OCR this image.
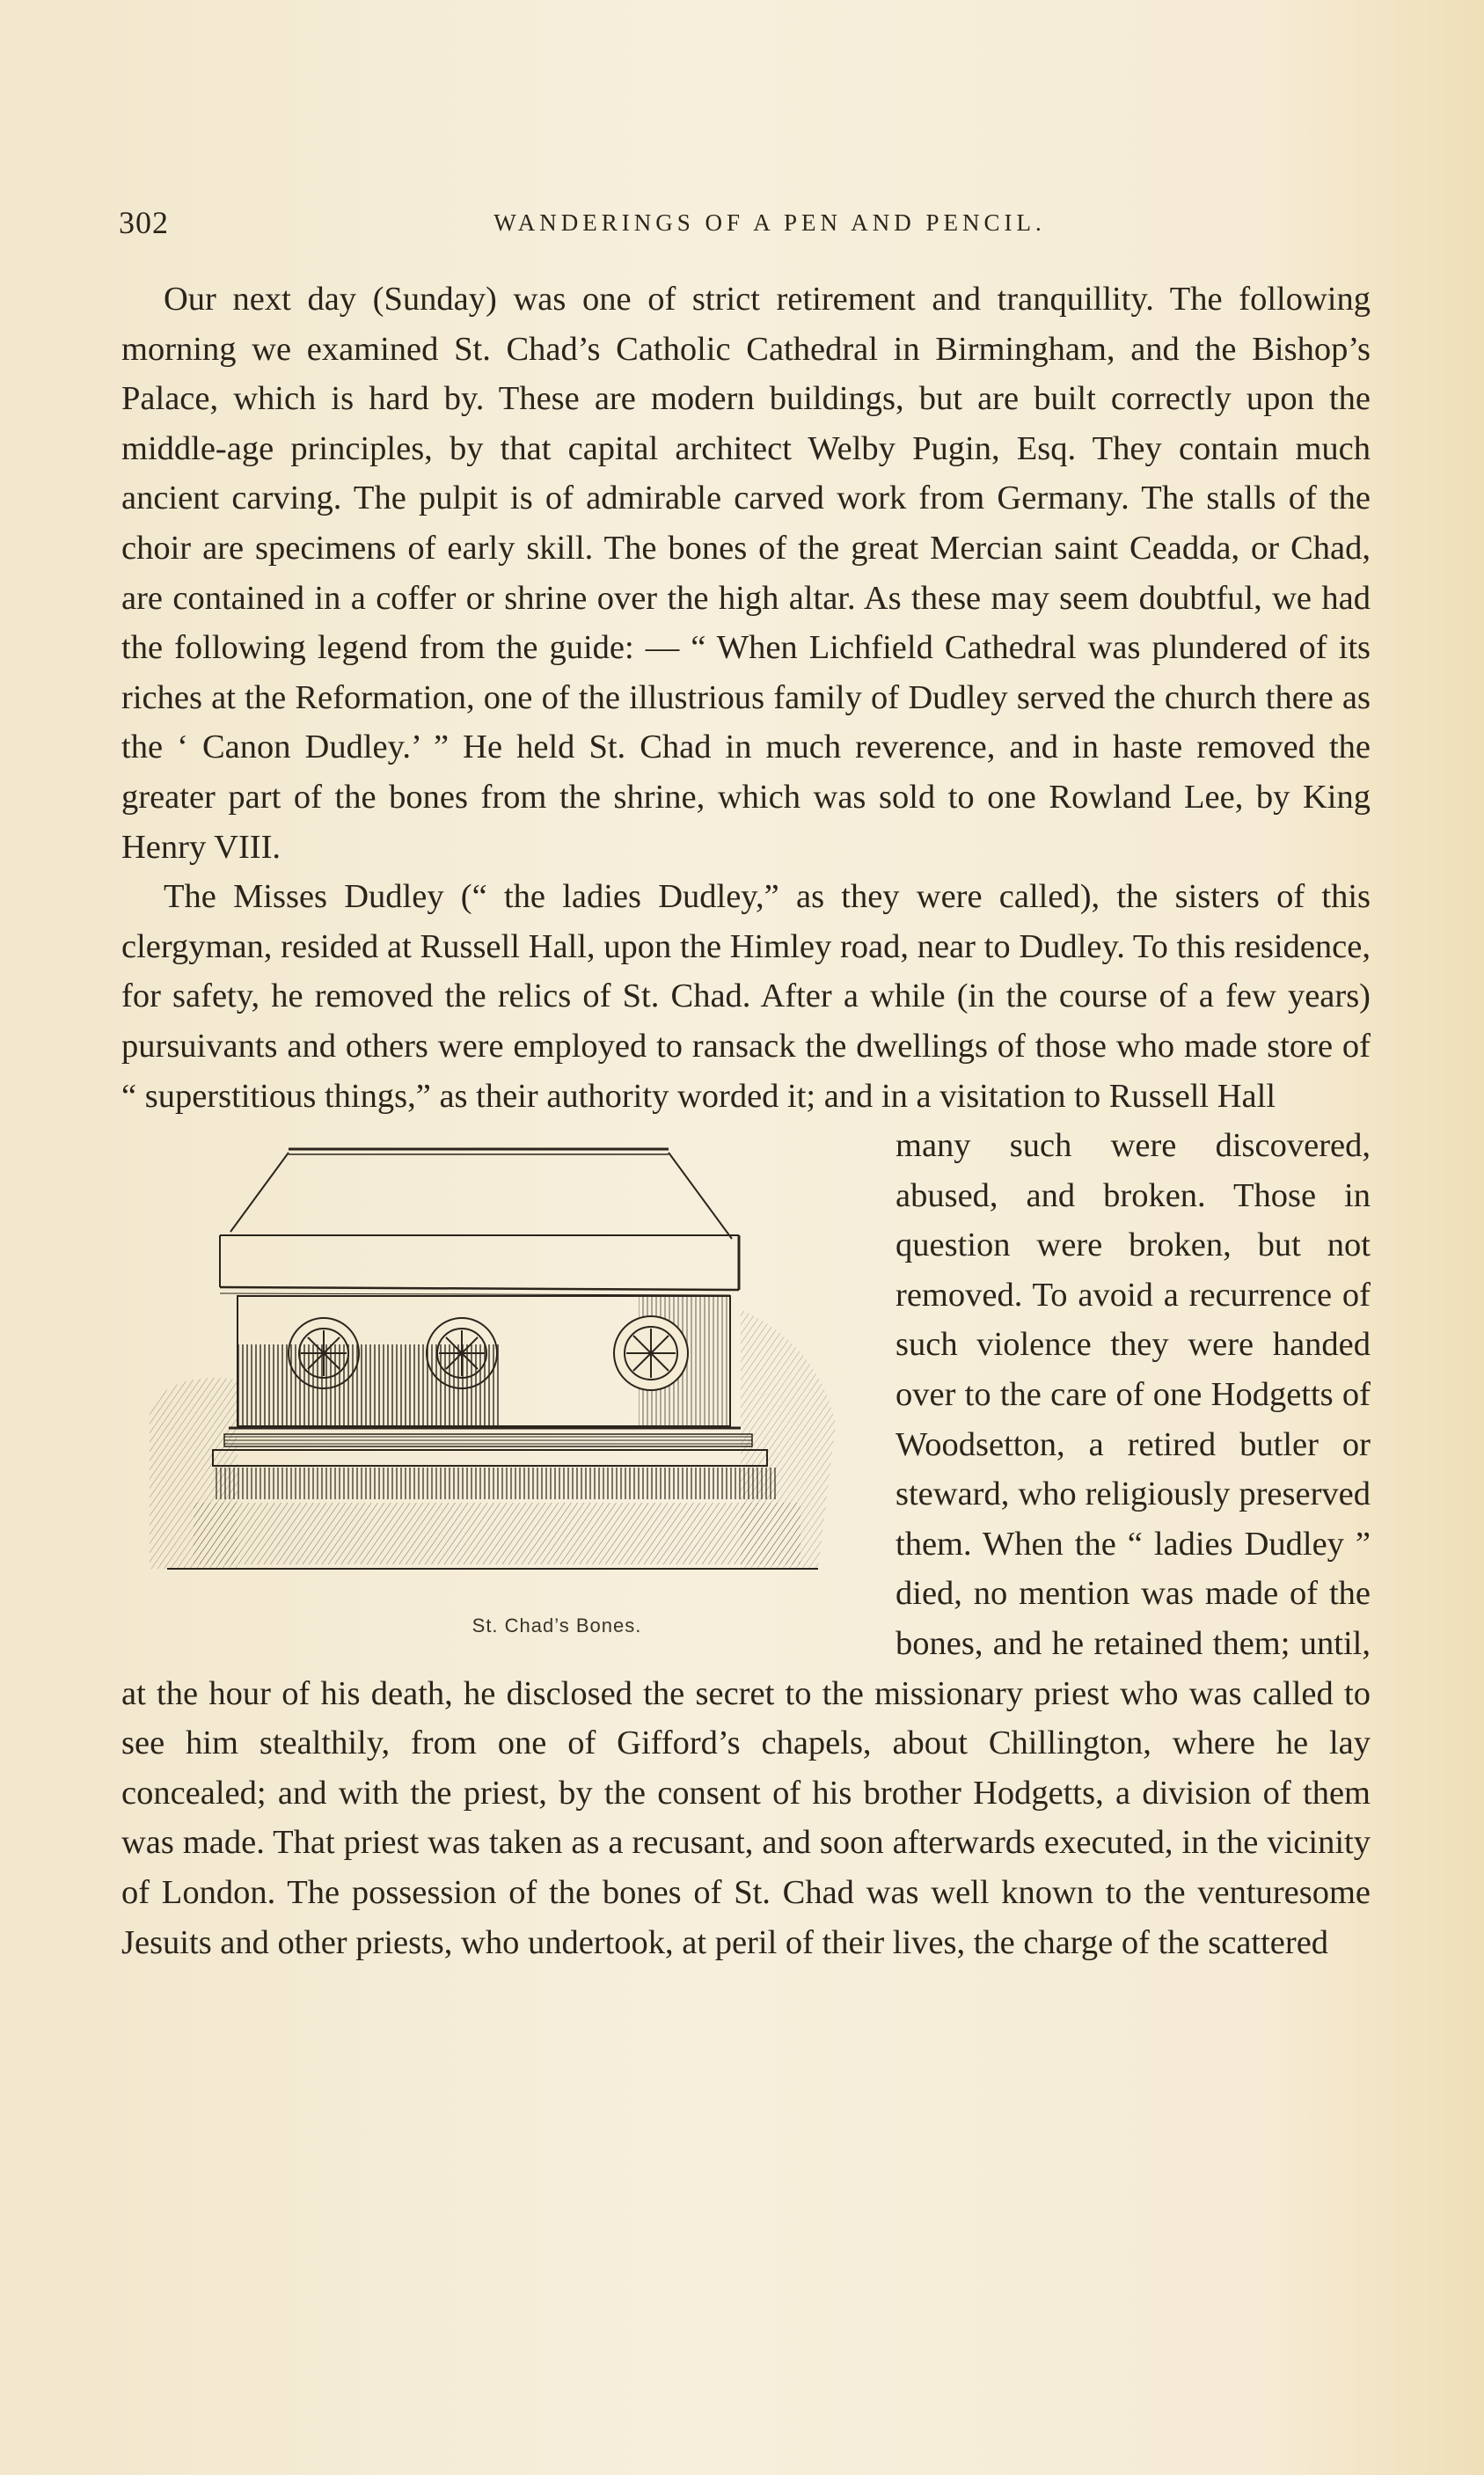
302	WANDERINGS OF A PEN AND PENCIL.

Our next day (Sunday) was one of strict retirement and tranquillity. The following morning we examined St. Chad’s Catholic Cathedral in Birmingham, and the Bishop’s Palace, which is hard by. These are modern buildings, but are built correctly upon the middle-age principles, by that capital architect Welby Pugin, Esq. They contain much ancient carving. The pulpit is of admirable carved work from Germany. The stalls of the choir are specimens of early skill. The bones of the great Mercian saint Ceadda, or Chad, are contained in a coffer or shrine over the high altar. As these may seem doubtful, we had the following legend from the guide: — “ When Lichfield Cathedral was plundered of its riches at the Reformation, one of the illustrious family of Dudley served the church there as the ‘ Canon Dudley.’ ” He held St. Chad in much reverence, and in haste removed the greater part of the bones from the shrine, which was sold to one Rowland Lee, by King Henry VIII.

The Misses Dudley (“ the ladies Dudley,” as they were called), the sisters of this clergyman, resided at Russell Hall, upon the Himley road, near to Dudley. To this residence, for safety, he removed the relics of St. Chad. After a while (in the course of a few years) pursuivants and others were employed to ransack the dwellings of those who made store of “ superstitious things,” as their authority worded it; and in a visitation to Russell Hall

St. Chad’s Bones.

many such were discovered, abused, and broken. Those in question were broken, but not removed. To avoid a recurrence of such violence they were handed over to the care of one Hodgetts of Woodsetton, a retired butler or steward, who religiously preserved them. When the “ ladies Dudley ” died, no mention was made of the bones, and he retained them; until, at the hour of his death, he disclosed the secret to the missionary priest who was called to see him stealthily, from one of Gifford’s chapels, about Chillington, where he lay concealed; and with the priest, by the consent of his brother Hodgetts, a division of them was made. That priest was taken as a recusant, and soon afterwards executed, in the vicinity of London. The possession of the bones of St. Chad was well known to the venturesome Jesuits and other priests, who undertook, at peril of their lives, the charge of the scattered
